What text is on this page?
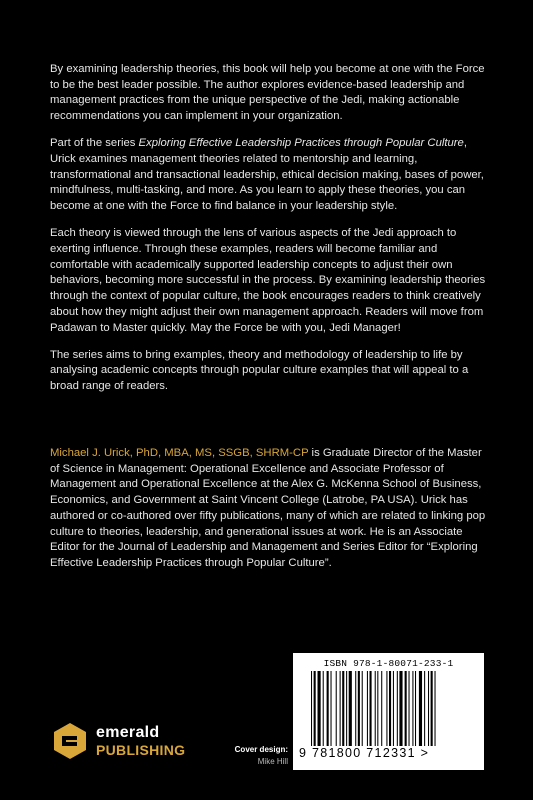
By examining leadership theories, this book will help you become at one with the Force to be the best leader possible. The author explores evidence-based leadership and management practices from the unique perspective of the Jedi, making actionable recommendations you can implement in your organization.

Part of the series Exploring Effective Leadership Practices through Popular Culture, Urick examines management theories related to mentorship and learning, transformational and transactional leadership, ethical decision making, bases of power, mindfulness, multi-tasking, and more. As you learn to apply these theories, you can become at one with the Force to find balance in your leadership style.

Each theory is viewed through the lens of various aspects of the Jedi approach to exerting influence. Through these examples, readers will become familiar and comfortable with academically supported leadership concepts to adjust their own behaviors, becoming more successful in the process. By examining leadership theories through the context of popular culture, the book encourages readers to think creatively about how they might adjust their own management approach. Readers will move from Padawan to Master quickly. May the Force be with you, Jedi Manager!

The series aims to bring examples, theory and methodology of leadership to life by analysing academic concepts through popular culture examples that will appeal to a broad range of readers.

Michael J. Urick, PhD, MBA, MS, SSGB, SHRM-CP is Graduate Director of the Master of Science in Management: Operational Excellence and Associate Professor of Management and Operational Excellence at the Alex G. McKenna School of Business, Economics, and Government at Saint Vincent College (Latrobe, PA USA). Urick has authored or co-authored over fifty publications, many of which are related to linking pop culture to theories, leadership, and generational issues at work. He is an Associate Editor for the Journal of Leadership and Management and Series Editor for “Exploring Effective Leadership Practices through Popular Culture”.
emerald
PUBLISHING	Cover design:
Mike Hill
ISBN 978-1-80071-233-1
9 781800 712331 >
